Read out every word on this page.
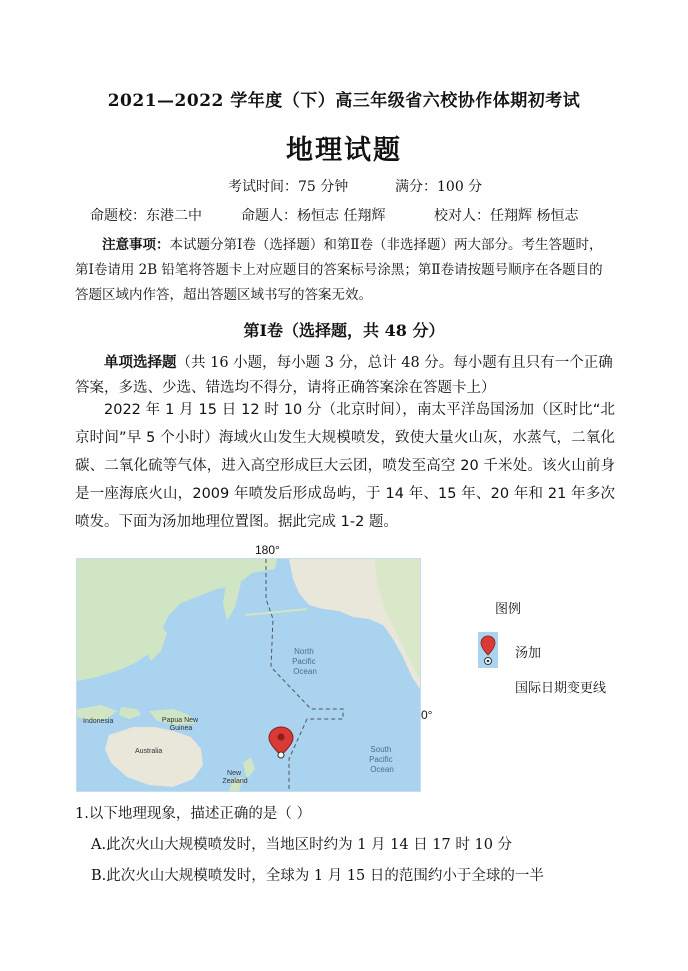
2021—2022 学年度（下）高三年级省六校协作体期初考试
地理试题
考试时间：75 分钟	满分：100 分
命题校：东港二中	命题人：杨恒志 任翔辉	校对人：任翔辉 杨恒志
注意事项：本试题分第Ⅰ卷（选择题）和第Ⅱ卷（非选择题）两大部分。考生答题时，第Ⅰ卷请用 2B 铅笔将答题卡上对应题目的答案标号涂黑；第Ⅱ卷请按题号顺序在各题目的答题区域内作答，超出答题区域书写的答案无效。
第Ⅰ卷（选择题，共 48 分）
单项选择题（共 16 小题，每小题 3 分，总计 48 分。每小题有且只有一个正确答案，多选、少选、错选均不得分，请将正确答案涂在答题卡上）
2022 年 1 月 15 日 12 时 10 分（北京时间），南太平洋岛国汤加（区时比“北京时间”早 5 个小时）海域火山发生大规模喷发，致使大量火山灰，水蒸气，二氧化碳、二氧化硫等气体，进入高空形成巨大云团，喷发至高空 20 千米处。该火山前身是一座海底火山，2009 年喷发后形成岛屿，于 14 年、15 年、20 年和 21 年多次喷发。下面为汤加地理位置图。据此完成 1-2 题。
180°
0°
North Pacific Ocean
South Pacific Ocean
Indonesia	Papua New Guinea
Australia
New Zealand
图例
汤加
国际日期变更线
1.以下地理现象，描述正确的是（ ）
A.此次火山大规模喷发时，当地区时约为 1 月 14 日 17 时 10 分
B.此次火山大规模喷发时，全球为 1 月 15 日的范围约小于全球的一半
